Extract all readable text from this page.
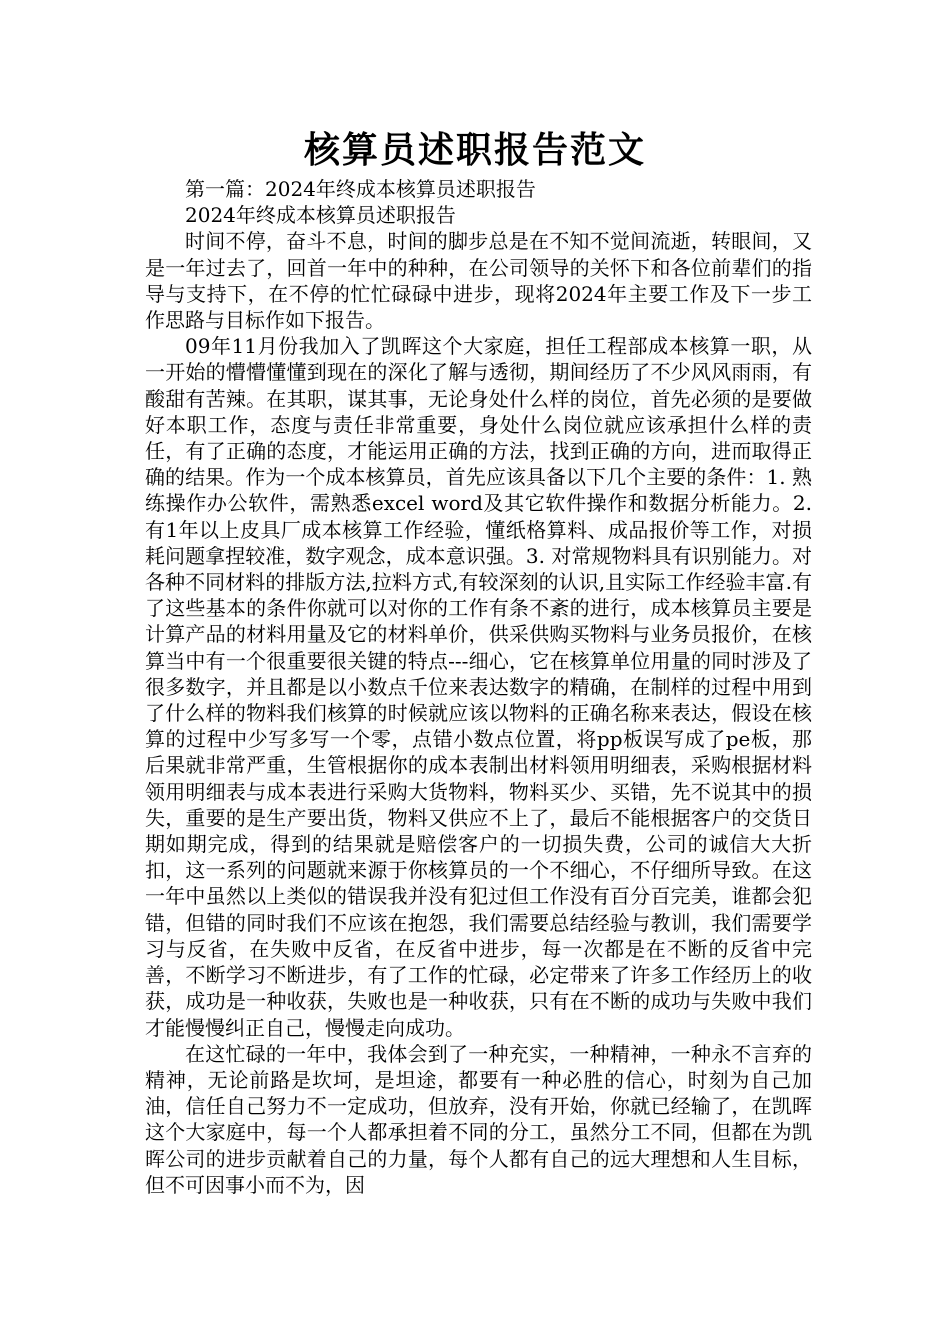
核算员述职报告范文

第一篇：2024年终成本核算员述职报告

2024年终成本核算员述职报告

时间不停，奋斗不息，时间的脚步总是在不知不觉间流逝，转眼间，又是一年过去了，回首一年中的种种，在公司领导的关怀下和各位前辈们的指导与支持下，在不停的忙忙碌碌中进步，现将2024年主要工作及下一步工作思路与目标作如下报告。

09年11月份我加入了凯晖这个大家庭，担任工程部成本核算一职，从一开始的懵懵懂懂到现在的深化了解与透彻，期间经历了不少风风雨雨，有酸甜有苦辣。在其职，谋其事，无论身处什么样的岗位，首先必须的是要做好本职工作，态度与责任非常重要，身处什么岗位就应该承担什么样的责任，有了正确的态度，才能运用正确的方法，找到正确的方向，进而取得正确的结果。作为一个成本核算员，首先应该具备以下几个主要的条件：1. 熟练操作办公软件，需熟悉excel word及其它软件操作和数据分析能力。2. 有1年以上皮具厂成本核算工作经验，懂纸格算料、成品报价等工作，对损耗问题拿捏较准，数字观念，成本意识强。3. 对常规物料具有识别能力。对各种不同材料的排版方法,拉料方式,有较深刻的认识,且实际工作经验丰富.有了这些基本的条件你就可以对你的工作有条不紊的进行，成本核算员主要是计算产品的材料用量及它的材料单价，供采供购买物料与业务员报价，在核算当中有一个很重要很关键的特点---细心，它在核算单位用量的同时涉及了很多数字，并且都是以小数点千位来表达数字的精确，在制样的过程中用到了什么样的物料我们核算的时候就应该以物料的正确名称来表达，假设在核算的过程中少写多写一个零，点错小数点位置，将pp板误写成了pe板，那后果就非常严重，生管根据你的成本表制出材料领用明细表，采购根据材料领用明细表与成本表进行采购大货物料，物料买少、买错，先不说其中的损失，重要的是生产要出货，物料又供应不上了，最后不能根据客户的交货日期如期完成，得到的结果就是赔偿客户的一切损失费，公司的诚信大大折扣，这一系列的问题就来源于你核算员的一个不细心，不仔细所导致。在这一年中虽然以上类似的错误我并没有犯过但工作没有百分百完美，谁都会犯错，但错的同时我们不应该在抱怨，我们需要总结经验与教训，我们需要学习与反省，在失败中反省，在反省中进步，每一次都是在不断的反省中完善，不断学习不断进步，有了工作的忙碌，必定带来了许多工作经历上的收获，成功是一种收获，失败也是一种收获，只有在不断的成功与失败中我们才能慢慢纠正自己，慢慢走向成功。

在这忙碌的一年中，我体会到了一种充实，一种精神，一种永不言弃的精神，无论前路是坎坷，是坦途，都要有一种必胜的信心，时刻为自己加油，信任自己努力不一定成功，但放弃，没有开始，你就已经输了，在凯晖这个大家庭中，每一个人都承担着不同的分工，虽然分工不同，但都在为凯晖公司的进步贡献着自己的力量，每个人都有自己的远大理想和人生目标，但不可因事小而不为，因
